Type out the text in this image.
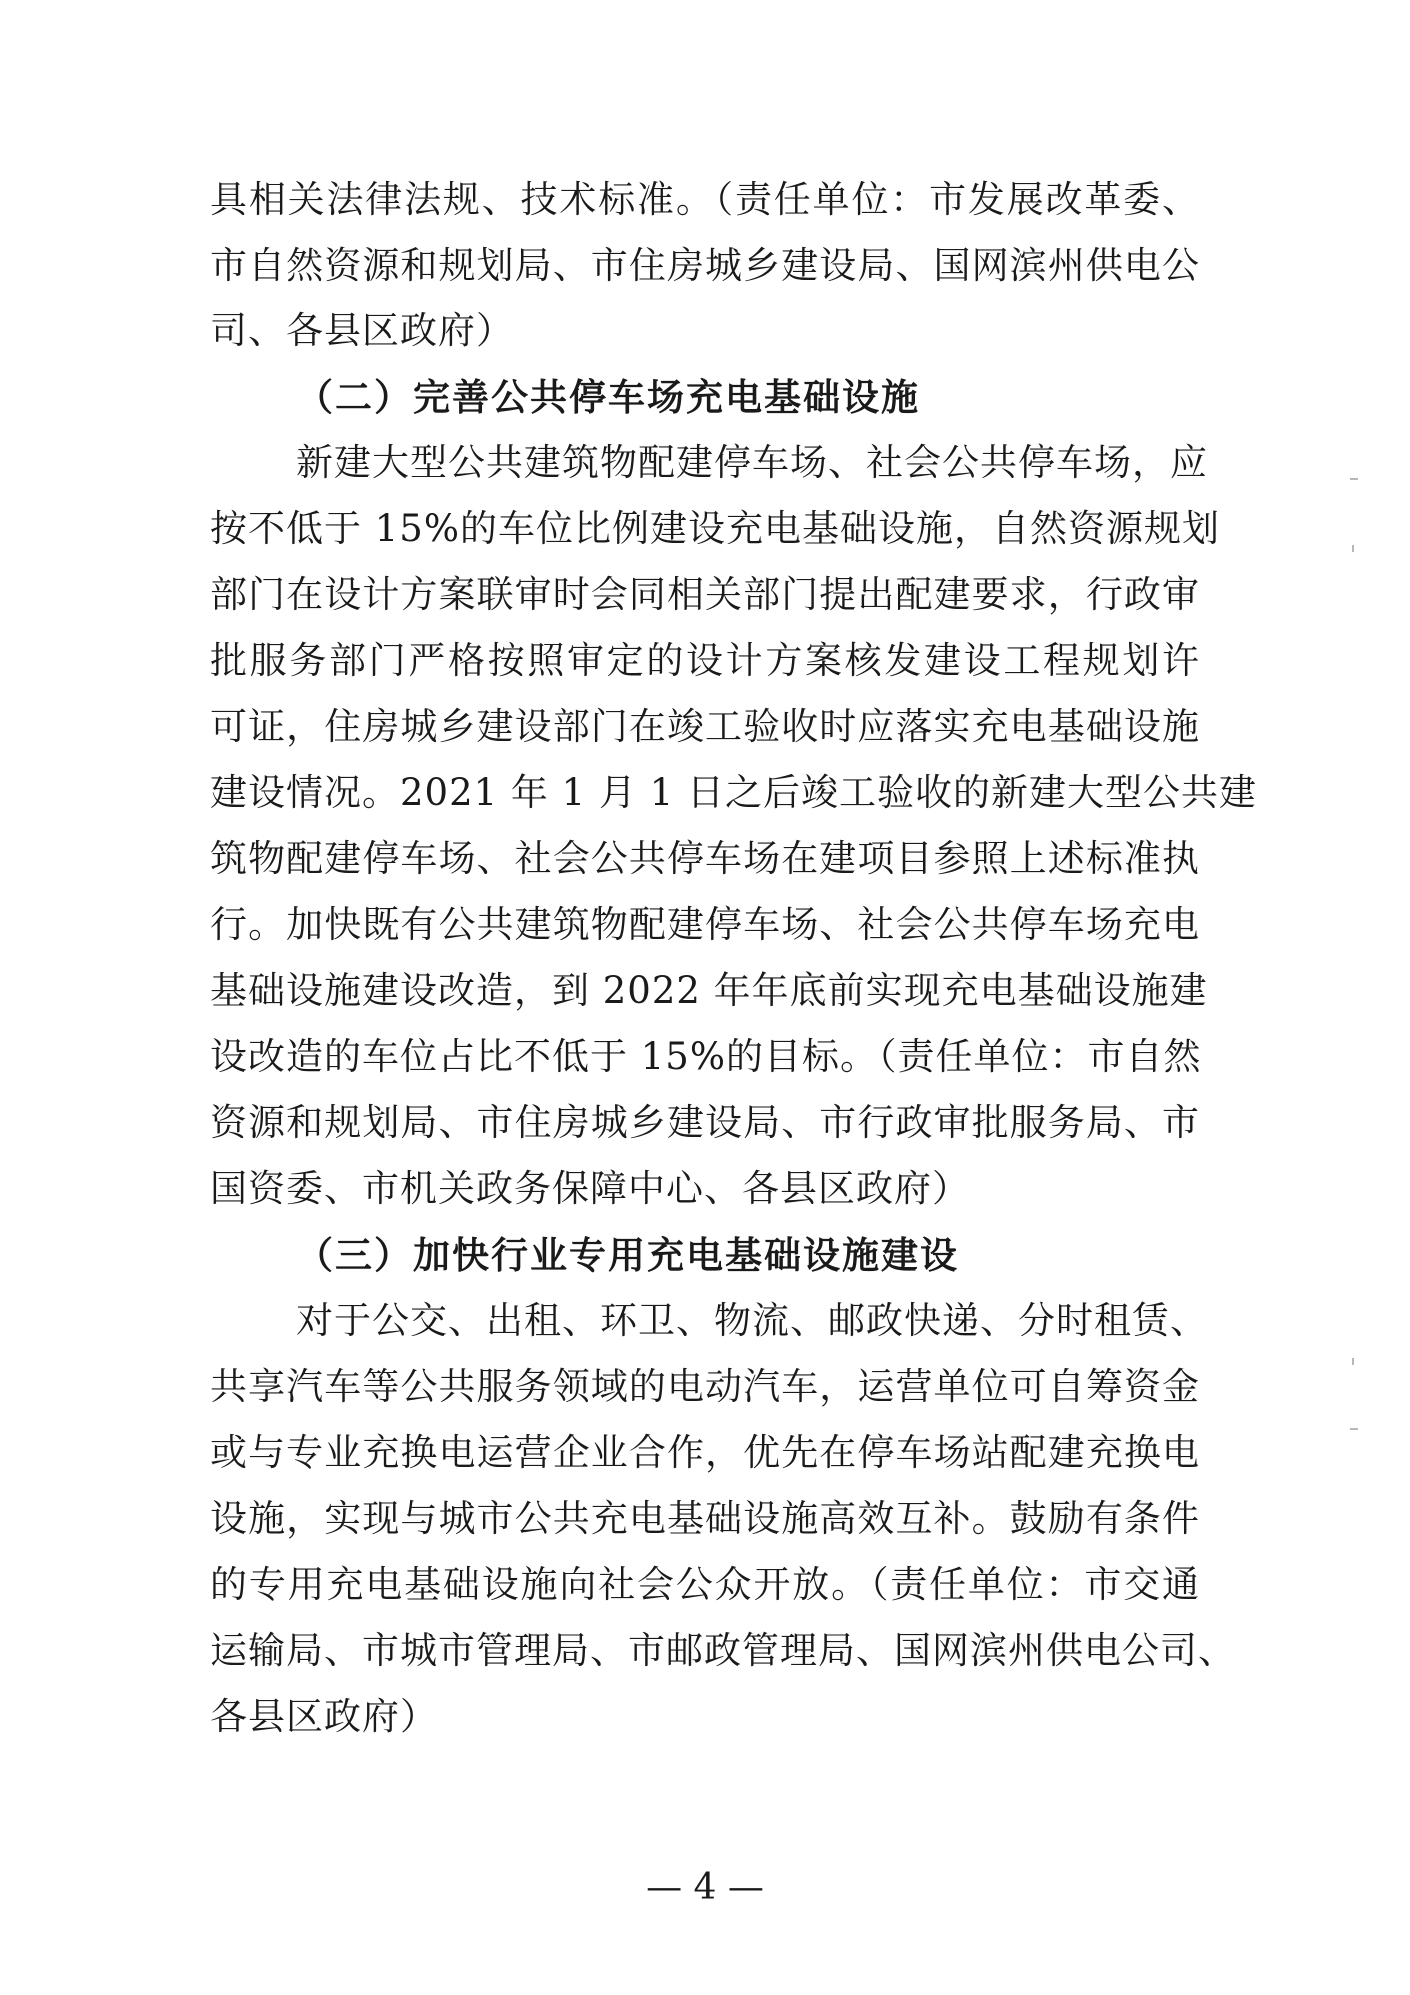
具相关法律法规、技术标准。（责任单位：市发展改革委、
市自然资源和规划局、市住房城乡建设局、国网滨州供电公
司、各县区政府）
（二）完善公共停车场充电基础设施
新建大型公共建筑物配建停车场、社会公共停车场，应
按不低于 15%的车位比例建设充电基础设施，自然资源规划
部门在设计方案联审时会同相关部门提出配建要求，行政审
批服务部门严格按照审定的设计方案核发建设工程规划许
可证，住房城乡建设部门在竣工验收时应落实充电基础设施
建设情况。2021 年 1 月 1 日之后竣工验收的新建大型公共建
筑物配建停车场、社会公共停车场在建项目参照上述标准执
行。加快既有公共建筑物配建停车场、社会公共停车场充电
基础设施建设改造，到 2022 年年底前实现充电基础设施建
设改造的车位占比不低于 15%的目标。（责任单位：市自然
资源和规划局、市住房城乡建设局、市行政审批服务局、市
国资委、市机关政务保障中心、各县区政府）
（三）加快行业专用充电基础设施建设
对于公交、出租、环卫、物流、邮政快递、分时租赁、
共享汽车等公共服务领域的电动汽车，运营单位可自筹资金
或与专业充换电运营企业合作，优先在停车场站配建充换电
设施，实现与城市公共充电基础设施高效互补。鼓励有条件
的专用充电基础设施向社会公众开放。（责任单位：市交通
运输局、市城市管理局、市邮政管理局、国网滨州供电公司、
各县区政府）
— 4 —
